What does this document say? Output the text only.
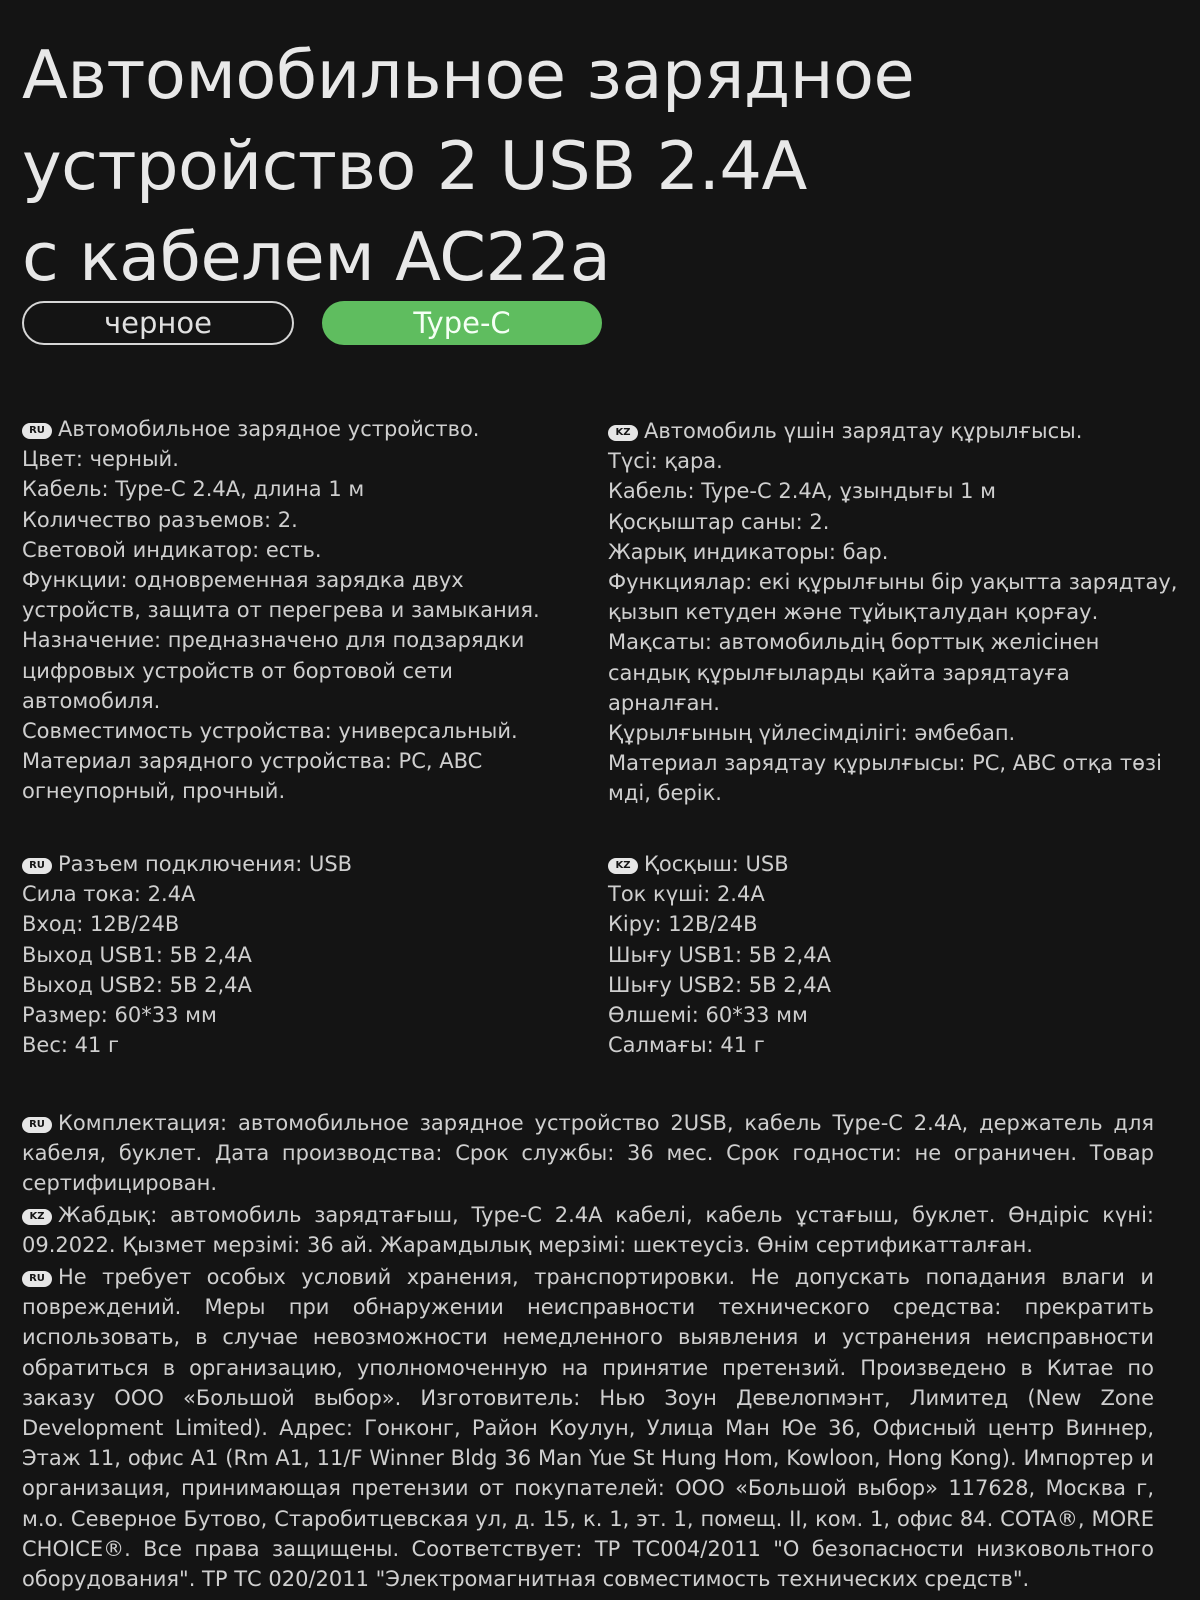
Автомобильное зарядное
устройство 2 USB 2.4A
с кабелем AC22a
черное	Type-C
RU Автомобильное зарядное устройство.
Цвет: черный.
Кабель: Type-C 2.4A, длина 1 м
Количество разъемов: 2.
Световой индикатор: есть.
Функции: одновременная зарядка двух
устройств, защита от перегрева и замыкания.
Назначение: предназначено для подзарядки
цифровых устройств от бортовой сети
автомобиля.
Совместимость устройства: универсальный.
Материал зарядного устройства: PC, ABC
огнеупорный, прочный.
KZ Автомобиль үшін зарядтау құрылғысы.
Түсі: қара.
Кабель: Type-C 2.4A, ұзындығы 1 м
Қосқыштар саны: 2.
Жарық индикаторы: бар.
Функциялар: екі құрылғыны бір уақытта зарядтау,
қызып кетуден және тұйықталудан қорғау.
Мақсаты: автомобильдің борттық желісінен
сандық құрылғыларды қайта зарядтауға
арналған.
Құрылғының үйлесімділігі: әмбебап.
Материал зарядтау құрылғысы: PC, ABC отқа төзі
мді, берік.
RU Разъем подключения: USB
Сила тока: 2.4A
Вход: 12В/24В
Выход USB1: 5В 2,4А
Выход USB2: 5В 2,4А
Размер: 60*33 мм
Вес: 41 г
KZ Қосқыш: USB
Ток күші: 2.4A
Кіру: 12В/24В
Шығу USB1: 5В 2,4А
Шығу USB2: 5В 2,4А
Өлшемі: 60*33 мм
Салмағы: 41 г
RU Комплектация: автомобильное зарядное устройство 2USB, кабель Type-C 2.4A, держатель для кабеля, буклет. Дата производства: Срок службы: 36 мес. Срок годности: не ограничен. Товар сертифицирован.
KZ Жабдық: автомобиль зарядтағыш, Type-C 2.4A кабелі, кабель ұстағыш, буклет. Өндіріс күні: 09.2022. Қызмет мерзімі: 36 ай. Жарамдылық мерзімі: шектеусіз. Өнім сертификатталған.
RU Не требует особых условий хранения, транспортировки. Не допускать попадания влаги и повреждений. Меры при обнаружении неисправности технического средства: прекратить использовать, в случае невозможности немедленного выявления и устранения неисправности обратиться в организацию, уполномоченную на принятие претензий. Произведено в Китае по заказу ООО «Большой выбор». Изготовитель: Нью Зоун Девелопмэнт, Лимитед (New Zone Development Limited). Адрес: Гонконг, Район Коулун, Улица Ман Юе 36, Офисный центр Виннер, Этаж 11, офис А1 (Rm A1, 11/F Winner Bldg 36 Man Yue St Hung Hom, Kowloon, Hong Kong). Импортер и организация, принимающая претензии от покупателей: ООО «Большой выбор» 117628, Москва г, м.о. Северное Бутово, Старобитцевская ул, д. 15, к. 1, эт. 1, помещ. II, ком. 1, офис 84. COTA®, MORE CHOICE®. Все права защищены. Соответствует: ТР ТС004/2011 "О безопасности низковольтного оборудования". ТР ТС 020/2011 "Электромагнитная совместимость технических средств".
